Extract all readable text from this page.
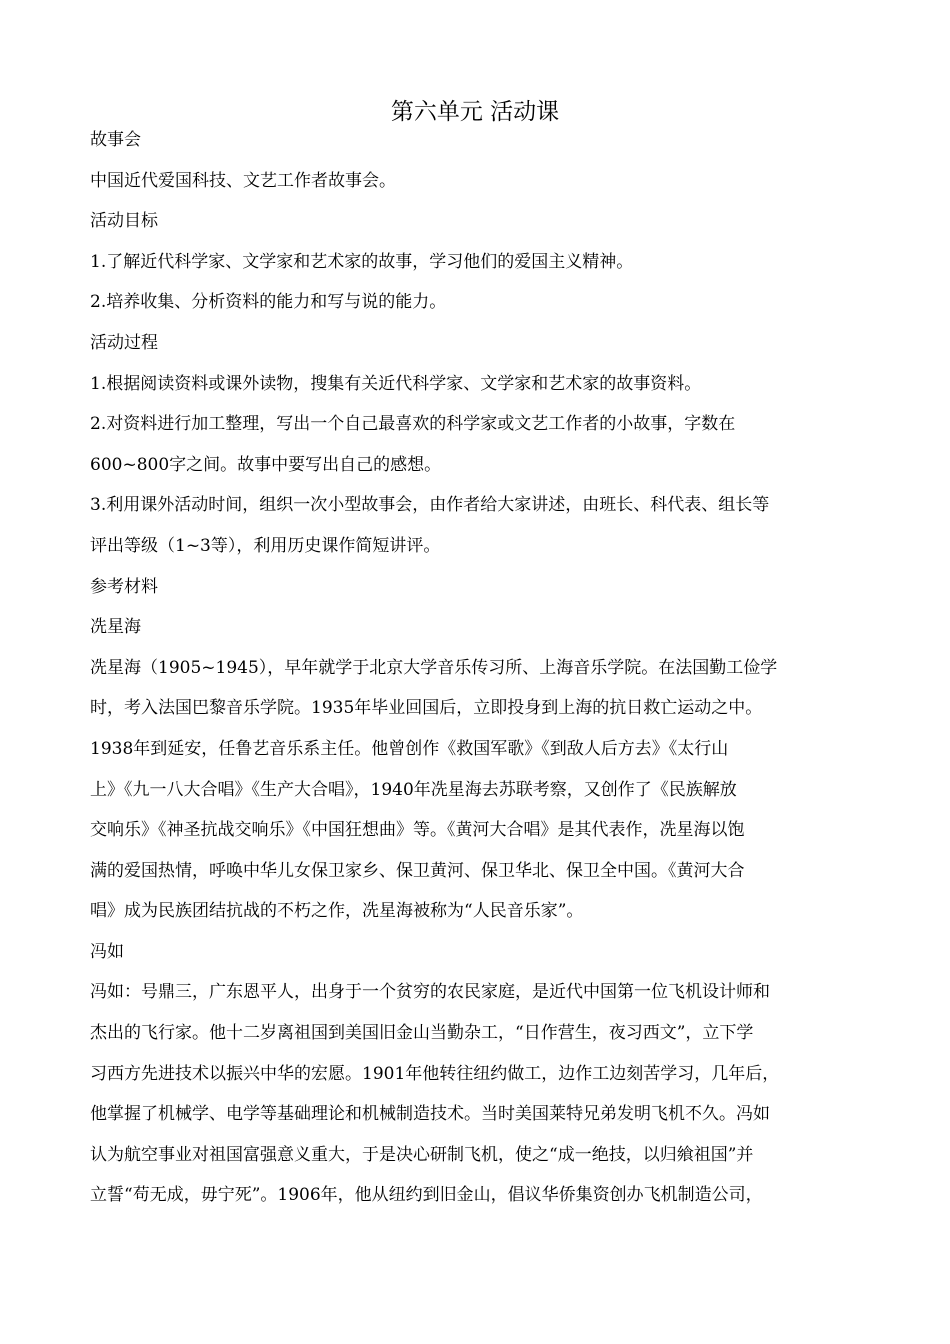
第六单元 活动课
故事会
中国近代爱国科技、文艺工作者故事会。
活动目标
1.了解近代科学家、文学家和艺术家的故事，学习他们的爱国主义精神。
2.培养收集、分析资料的能力和写与说的能力。
活动过程
1.根据阅读资料或课外读物，搜集有关近代科学家、文学家和艺术家的故事资料。
2.对资料进行加工整理，写出一个自己最喜欢的科学家或文艺工作者的小故事，字数在
600~800字之间。故事中要写出自己的感想。
3.利用课外活动时间，组织一次小型故事会，由作者给大家讲述，由班长、科代表、组长等
评出等级（1~3等），利用历史课作简短讲评。
参考材料
冼星海
冼星海（1905~1945），早年就学于北京大学音乐传习所、上海音乐学院。在法国勤工俭学
时，考入法国巴黎音乐学院。1935年毕业回国后，立即投身到上海的抗日救亡运动之中。
1938年到延安，任鲁艺音乐系主任。他曾创作《救国军歌》《到敌人后方去》《太行山
上》《九一八大合唱》《生产大合唱》，1940年冼星海去苏联考察，又创作了《民族解放
交响乐》《神圣抗战交响乐》《中国狂想曲》等。《黄河大合唱》是其代表作，冼星海以饱
满的爱国热情，呼唤中华儿女保卫家乡、保卫黄河、保卫华北、保卫全中国。《黄河大合
唱》成为民族团结抗战的不朽之作，冼星海被称为“人民音乐家”。
冯如
冯如：号鼎三，广东恩平人，出身于一个贫穷的农民家庭，是近代中国第一位飞机设计师和
杰出的飞行家。他十二岁离祖国到美国旧金山当勤杂工，“日作营生，夜习西文”，立下学
习西方先进技术以振兴中华的宏愿。1901年他转往纽约做工，边作工边刻苦学习，几年后，
他掌握了机械学、电学等基础理论和机械制造技术。当时美国莱特兄弟发明飞机不久。冯如
认为航空事业对祖国富强意义重大，于是决心研制飞机，使之“成一绝技，以归飨祖国”并
立誓“苟无成，毋宁死”。1906年，他从纽约到旧金山，倡议华侨集资创办飞机制造公司，
